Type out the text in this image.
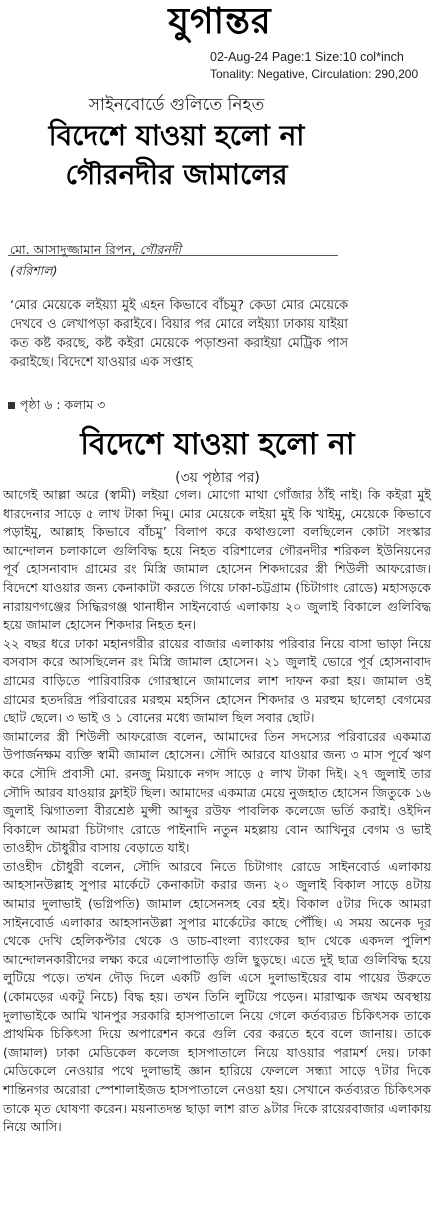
যুগান্তর
02-Aug-24 Page:1 Size:10 col*inch
Tonality: Negative, Circulation: 290,200
সাইনবোর্ডে গুলিতে নিহত
বিদেশে যাওয়া হলো না গৌরনদীর জামালের
মো. আসাদুজ্জামান রিপন, গৌরনদী
(বরিশাল)
‘মোর মেয়েকে লইয়্যা মুই এহন কিভাবে বাঁচমু? কেডা মোর মেয়েকে দেখবে ও লেখাপড়া করাইবে। বিয়ার পর মোরে লইয়্যা ঢাকায় যাইয়া কত কষ্ট করছে, কষ্ট কইরা মেয়েকে পড়াশুনা করাইয়া মেট্রিক পাস করাইছে। বিদেশে যাওয়ার এক সপ্তাহ
পৃষ্ঠা ৬ : কলাম ৩
বিদেশে যাওয়া হলো না
(৩য় পৃষ্ঠার পর)

আগেই আল্লা অরে (স্বামী) লইয়া গেল। মোগো মাথা গোঁজার ঠাঁই নাই। কি কইরা মুই ধারদেনার সাড়ে ৫ লাখ টাকা দিমু। মোর মেয়েকে লইয়া মুই কি খাইমু, মেয়েকে কিভাবে পড়াইমু, আল্লাহ কিভাবে বাঁচমু’ বিলাপ করে কথাগুলো বলছিলেন কোটা সংস্কার আন্দোলন চলাকালে গুলিবিদ্ধ হয়ে নিহত বরিশালের গৌরনদীর শরিকল ইউনিয়নের পূর্ব হোসনাবাদ গ্রামের রং মিস্ত্রি জামাল হোসেন শিকদারের স্ত্রী শিউলী আফরোজ। বিদেশে যাওয়ার জন্য কেনাকাটা করতে গিয়ে ঢাকা-চট্টগ্রাম (চিটাগাং রোডে) মহাসড়কে নারায়ণগঞ্জের সিদ্ধিরগঞ্জ থানাধীন সাইনবোর্ড এলাকায় ২০ জুলাই বিকালে গুলিবিদ্ধ হয়ে জামাল হোসেন শিকদার নিহত হন।

২২ বছর ধরে ঢাকা মহানগরীর রায়ের বাজার এলাকায় পরিবার নিয়ে বাসা ভাড়া নিয়ে বসবাস করে আসছিলেন রং মিস্ত্রি জামাল হোসেন। ২১ জুলাই ভোরে পূর্ব হোসনাবাদ গ্রামের বাড়িতে পারিবারিক গোরস্থানে জামালের লাশ দাফন করা হয়। জামাল ওই গ্রামের হতদরিদ্র পরিবারের মরহুম মহসিন হোসেন শিকদার ও মরহুম ছালেহা বেগমের ছোট ছেলে। ৩ ভাই ও ১ বোনের মধ্যে জামাল ছিল সবার ছোট।

জামালের স্ত্রী শিউলী আফরোজ বলেন, আমাদের তিন সদস্যের পরিবারের একমাত্র উপার্জনক্ষম ব্যক্তি স্বামী জামাল হোসেন। সৌদি আরবে যাওয়ার জন্য ৩ মাস পূর্বে ঋণ করে সৌদি প্রবাসী মো. রনজু মিয়াকে নগদ সাড়ে ৫ লাখ টাকা দিই। ২৭ জুলাই তার সৌদি আরব যাওয়ার ফ্লাইট ছিল। আমাদের একমাত্র মেয়ে নুজহাত হোসেন জিতুকে ১৬ জুলাই ঝিগাতলা বীরশ্রেষ্ঠ মুন্সী আব্দুর রউফ পাবলিক কলেজে ভর্তি করাই। ওইদিন বিকালে আমরা চিটাগাং রোডে পাইনাদি নতুন মহল্লায় বোন আখিনুর বেগম ও ভাই তাওহীদ চৌধুরীর বাসায় বেড়াতে যাই।

তাওহীদ চৌধুরী বলেন, সৌদি আরবে নিতে চিটাগাং রোডে সাইনবোর্ড এলাকায় আহসানউল্লাহ সুপার মার্কেটে কেনাকাটা করার জন্য ২০ জুলাই বিকাল সাড়ে ৪টায় আমার দুলাভাই (ভগ্নিপতি) জামাল হোসেনসহ বের হই। বিকাল ৫টার দিকে আমরা সাইনবোর্ড এলাকার আহসানউল্লা সুপার মার্কেটের কাছে পৌঁছি। এ সময় অনেক দূর থেকে দেখি হেলিকপ্টার থেকে ও ডাচ-বাংলা ব্যাংকের ছাদ থেকে একদল পুলিশ আন্দোলনকারীদের লক্ষ্য করে এলোপাতাড়ি গুলি ছুড়ছে। এতে দুই ছাত্র গুলিবিদ্ধ হয়ে লুটিয়ে পড়ে। তখন দৌড় দিলে একটি গুলি এসে দুলাভাইয়ের বাম পায়ের উরুতে (কোমড়ের একটু নিচে) বিদ্ধ হয়। তখন তিনি লুটিয়ে পড়েন। মারাত্মক জখম অবস্থায় দুলাভাইকে আমি খানপুর সরকারি হাসপাতালে নিয়ে গেলে কর্তব্যরত চিকিৎসক তাকে প্রাথমিক চিকিৎসা দিয়ে অপারেশন করে গুলি বের করতে হবে বলে জানায়। তাকে (জামাল) ঢাকা মেডিকেল কলেজ হাসপাতালে নিয়ে যাওয়ার পরামর্শ দেয়। ঢাকা মেডিকেলে নেওয়ার পথে দুলাভাই জ্ঞান হারিয়ে ফেললে সন্ধ্যা সাড়ে ৭টার দিকে শান্তিনগর অরোরা স্পেশালাইজড হাসপাতালে নেওয়া হয়। সেখানে কর্তব্যরত চিকিৎসক তাকে মৃত ঘোষণা করেন। ময়নাতদন্ত ছাড়া লাশ রাত ৯টার দিকে রায়েরবাজার এলাকায় নিয়ে আসি।
